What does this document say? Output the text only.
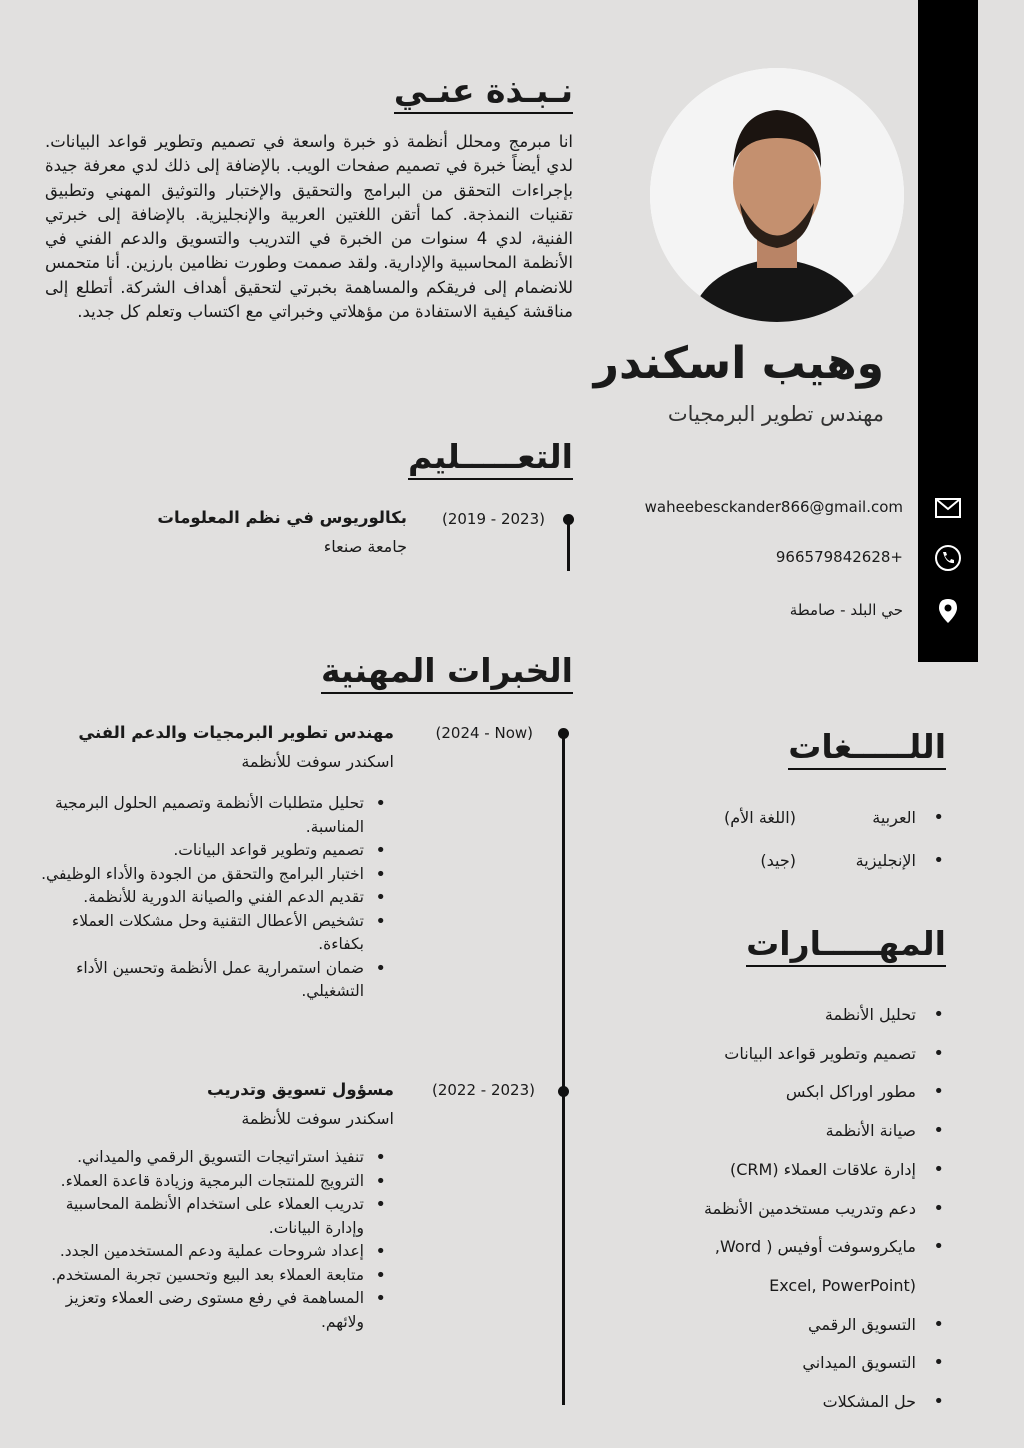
وهيب اسكندر
مهندس تطوير البرمجيات
waheebesckander866@gmail.com
+966579842628
حي البلد - صامطة
نـبـذة عنـي

انا مبرمج ومحلل أنظمة ذو خبرة واسعة في تصميم وتطوير قواعد البيانات. لدي أيضاً خبرة في تصميم صفحات الويب. بالإضافة إلى ذلك لدي معرفة جيدة بإجراءات التحقق من البرامج والتحقيق والإختبار والتوثيق المهني وتطبيق تقنيات النمذجة. كما أتقن اللغتين العربية والإنجليزية. بالإضافة إلى خبرتي الفنية، لدي 4 سنوات من الخبرة في التدريب والتسويق والدعم الفني في الأنظمة المحاسبية والإدارية. ولقد صممت وطورت نظامين بارزين. أنا متحمس للانضمام إلى فريقكم والمساهمة بخبرتي لتحقيق أهداف الشركة. أتطلع إلى مناقشة كيفية الاستفادة من مؤهلاتي وخبراتي مع اكتساب وتعلم كل جديد.

التعـــــليم
(2019 - 2023)
بكالوريوس في نظم المعلومات
جامعة صنعاء
الخبرات المهنية
(2024 - Now)
مهندس تطوير البرمجيات والدعم الفني
اسكندر سوفت للأنظمة
• تحليل متطلبات الأنظمة وتصميم الحلول البرمجية المناسبة.
• تصميم وتطوير قواعد البيانات.
• اختبار البرامج والتحقق من الجودة والأداء الوظيفي.
• تقديم الدعم الفني والصيانة الدورية للأنظمة.
• تشخيص الأعطال التقنية وحل مشكلات العملاء بكفاءة.
• ضمان استمرارية عمل الأنظمة وتحسين الأداء التشغيلي.
(2022 - 2023)
مسؤول تسويق وتدريب
اسكندر سوفت للأنظمة
• تنفيذ استراتيجات التسويق الرقمي والميداني.
• الترويج للمنتجات البرمجية وزيادة قاعدة العملاء.
• تدريب العملاء على استخدام الأنظمة المحاسبية وإدارة البيانات.
• إعداد شروحات عملية ودعم المستخدمين الجدد.
• متابعة العملاء بعد البيع وتحسين تجربة المستخدم.
• المساهمة في رفع مستوى رضى العملاء وتعزيز ولائهم.
اللـــــغات
• العربية
(اللغة الأم)
• الإنجليزية
(جيد)
المهـــــارات
• تحليل الأنظمة
• تصميم وتطوير قواعد البيانات
• مطور اوراكل ابكس
• صيانة الأنظمة
• إدارة علاقات العملاء (CRM)
• دعم وتدريب مستخدمين الأنظمة
• مايكروسوفت أوفيس ( Word,
Excel, PowerPoint)
• التسويق الرقمي
• التسويق الميداني
• حل المشكلات
